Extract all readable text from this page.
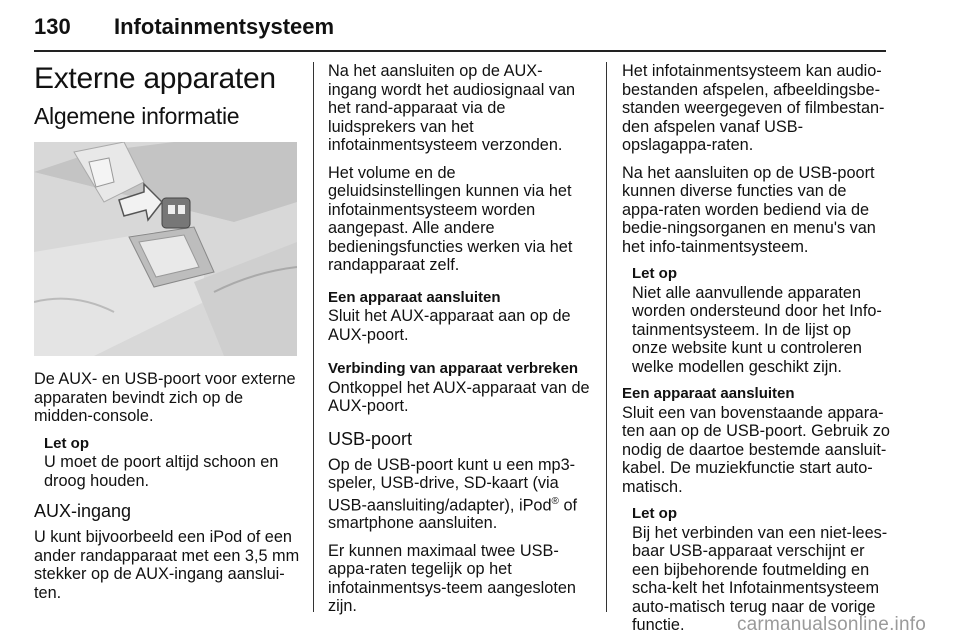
130 Infotainmentsysteem
Externe apparaten
Algemene informatie

De AUX- en USB-poort voor externe apparaten bevindt zich op de midden-console.

Let op
U moet de poort altijd schoon en droog houden.
AUX-ingang

U kunt bijvoorbeeld een iPod of een ander randapparaat met een 3,5 mm stekker op de AUX-ingang aanslui-ten.

Na het aansluiten op de AUX-ingang wordt het audiosignaal van het rand-apparaat via de luidsprekers van het infotainmentsysteem verzonden.

Het volume en de geluidsinstellingen kunnen via het infotainmentsysteem worden aangepast. Alle andere bedieningsfuncties werken via het randapparaat zelf.

Een apparaat aansluiten

Sluit het AUX-apparaat aan op de AUX-poort.

Verbinding van apparaat verbreken

Ontkoppel het AUX-apparaat van de AUX-poort.

USB-poort

Op de USB-poort kunt u een mp3-speler, USB-drive, SD-kaart (via USB-aansluiting/adapter), iPod® of smartphone aansluiten.

Er kunnen maximaal twee USB-appa-raten tegelijk op het infotainmentsys-teem aangesloten zijn.

Het infotainmentsysteem kan audio-bestanden afspelen, afbeeldingsbe-standen weergegeven of filmbestan-den afspelen vanaf USB-opslagappa-raten.

Na het aansluiten op de USB-poort kunnen diverse functies van de appa-raten worden bediend via de bedie-ningsorganen en menu's van het info-tainmentsysteem.

Let op
Niet alle aanvullende apparaten worden ondersteund door het Info-tainmentsysteem. In de lijst op onze website kunt u controleren welke modellen geschikt zijn.
Een apparaat aansluiten

Sluit een van bovenstaande appara-ten aan op de USB-poort. Gebruik zo nodig de daartoe bestemde aansluit-kabel. De muziekfunctie start auto-matisch.

Let op
Bij het verbinden van een niet-lees-baar USB-apparaat verschijnt er een bijbehorende foutmelding en scha-kelt het Infotainmentsysteem auto-matisch terug naar de vorige functie.	carmanualsonline.info
